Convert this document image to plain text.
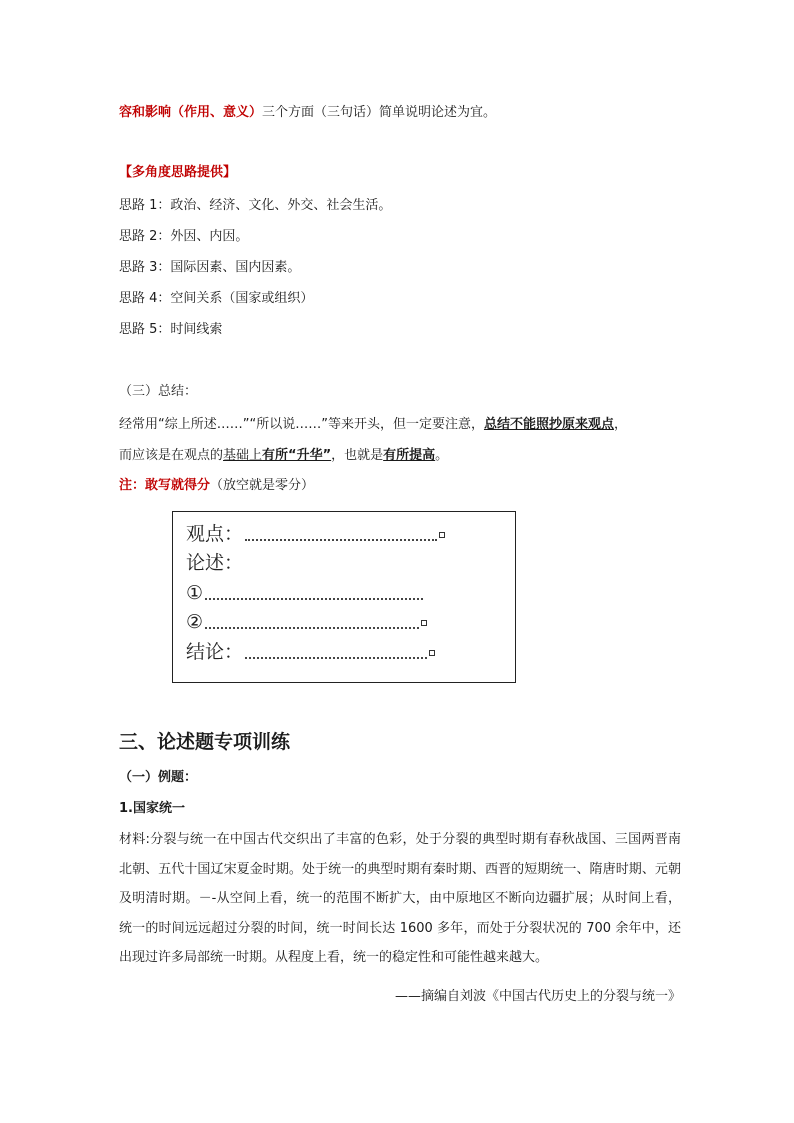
容和影响（作用、意义）三个方面（三句话）简单说明论述为宜。
【多角度思路提供】
思路 1：政治、经济、文化、外交、社会生活。
思路 2：外因、内因。
思路 3：国际因素、国内因素。
思路 4：空间关系（国家或组织）
思路 5：时间线索
（三）总结：
经常用“综上所述……”“所以说……”等来开头，但一定要注意，总结不能照抄原来观点，
而应该是在观点的基础上有所“升华”，也就是有所提高。
注：敢写就得分（放空就是零分）
观点：
论述：
①
②
结论：
三、论述题专项训练
（一）例题：
1.国家统一
材料:分裂与统一在中国古代交织出了丰富的色彩，处于分裂的典型时期有春秋战国、三国两晋南北朝、五代十国辽宋夏金时期。处于统一的典型时期有秦时期、西晋的短期统一、隋唐时期、元朝及明清时期。－-从空间上看，统一的范围不断扩大，由中原地区不断向边疆扩展；从时间上看，统一的时间远远超过分裂的时间，统一时间长达 1600 多年，而处于分裂状况的 700 余年中，还出现过许多局部统一时期。从程度上看，统一的稳定性和可能性越来越大。
——摘编自刘波《中国古代历史上的分裂与统一》
